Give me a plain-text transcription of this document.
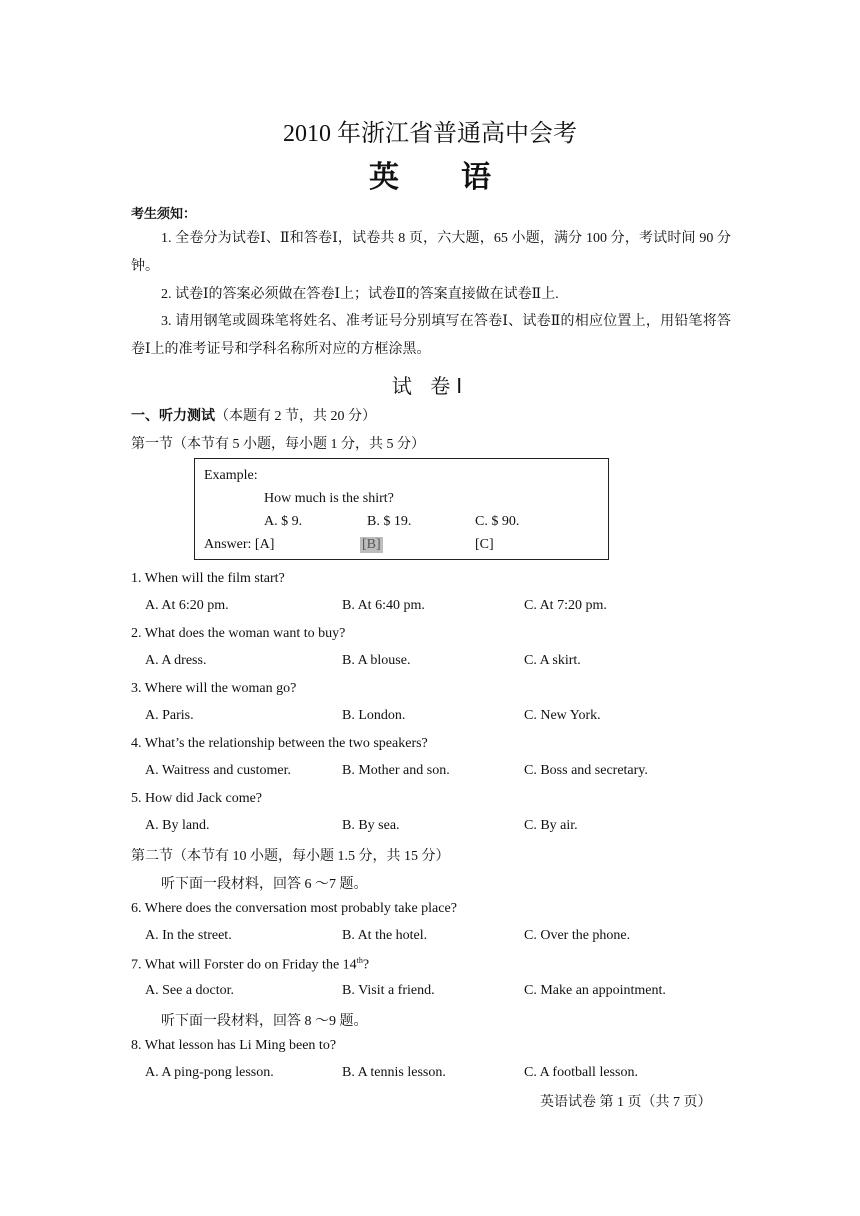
2010 年浙江省普通高中会考
英语
考生须知：
1. 全卷分为试卷Ⅰ、Ⅱ和答卷Ⅰ，试卷共 8 页，六大题，65 小题，满分 100 分，考试时间 90 分钟。
2. 试卷Ⅰ的答案必须做在答卷Ⅰ上；试卷Ⅱ的答案直接做在试卷Ⅱ上.
3. 请用钢笔或圆珠笔将姓名、准考证号分别填写在答卷Ⅰ、试卷Ⅱ的相应位置上，用铅笔将答卷Ⅰ上的准考证号和学科名称所对应的方框涂黑。
试 卷Ⅰ
一、听力测试（本题有 2 节，共 20 分）
第一节（本节有 5 小题，每小题 1 分，共 5 分）
Example:
How much is the shirt?
A. $ 9.	B. $ 19.	C. $ 90.
Answer: [A]	[B]	[C]
1. When will the film start?
A. At 6:20 pm.	B. At 6:40 pm.	C. At 7:20 pm.
2. What does the woman want to buy?
A. A dress.	B. A blouse.	C. A skirt.
3. Where will the woman go?
A. Paris.	B. London.	C. New York.
4. What’s the relationship between the two speakers?
A. Waitress and customer.	B. Mother and son.	C. Boss and secretary.
5. How did Jack come?
A. By land.	B. By sea.	C. By air.
第二节（本节有 10 小题，每小题 1.5 分，共 15 分）
听下面一段材料，回答 6 ～7 题。
6. Where does the conversation most probably take place?
A. In the street.	B. At the hotel.	C. Over the phone.
7. What will Forster do on Friday the 14th?
A. See a doctor.	B. Visit a friend.	C. Make an appointment.
听下面一段材料，回答 8 ～9 题。
8. What lesson has Li Ming been to?
A. A ping-pong lesson.	B. A tennis lesson.	C. A football lesson.
英语试卷 第 1 页（共 7 页）
